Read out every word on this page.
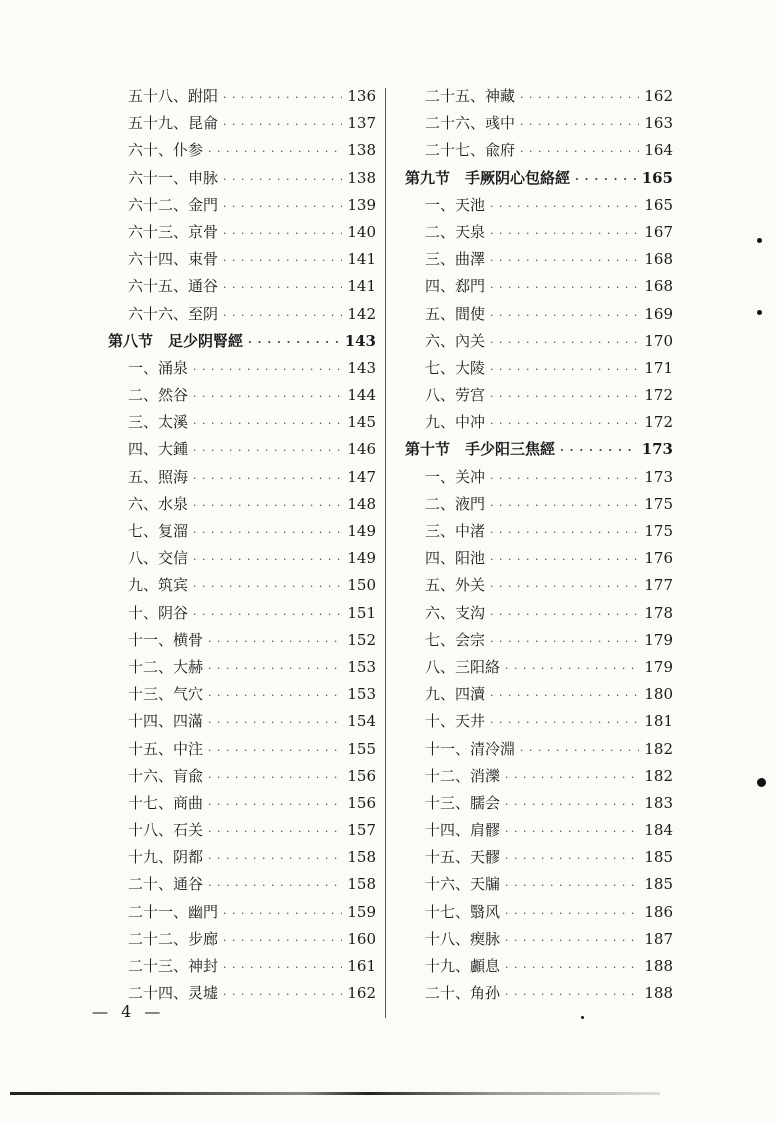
五十八、跗阳 · · ·	136
五十九、昆侖 · · ·	137
六十、仆参 · · ·	138
六十一、申脉 · · ·	138
六十二、金門 · · ·	139
六十三、京骨 · · ·	140
六十四、束骨 · · ·	141
六十五、通谷 · · ·	141
六十六、至阴 · · ·	142
第八节　足少阴腎經 · · ·	143
一、涌泉 · · ·	143
二、然谷 · · ·	144
三、太溪 · · ·	145
四、大鍾 · · ·	146
五、照海 · · ·	147
六、水泉 · · ·	148
七、复溜 · · ·	149
八、交信 · · ·	149
九、筑宾 · · ·	150
十、阴谷 · · ·	151
十一、横骨 · · ·	152
十二、大赫 · · ·	153
十三、气穴 · · ·	153
十四、四滿 · · ·	154
十五、中注 · · ·	155
十六、肓兪 · · ·	156
十七、商曲 · · ·	156
十八、石关 · · ·	157
十九、阴都 · · ·	158
二十、通谷 · · ·	158
二十一、幽門 · · ·	159
二十二、步廊 · · ·	160
二十三、神封 · · ·	161
二十四、灵墟 · · ·	162
二十五、神藏 · · ·	162
二十六、彧中 · · ·	163
二十七、兪府 · · ·	164
第九节　手厥阴心包絡經 · · ·	165
一、天池 · · ·	165
二、天泉 · · ·	167
三、曲澤 · · ·	168
四、郄門 · · ·	168
五、間使 · · ·	169
六、內关 · · ·	170
七、大陵 · · ·	171
八、劳宫 · · ·	172
九、中冲 · · ·	172
第十节　手少阳三焦經 · · ·	173
一、关冲 · · ·	173
二、液門 · · ·	175
三、中渚 · · ·	175
四、阳池 · · ·	176
五、外关 · · ·	177
六、支沟 · · ·	178
七、会宗 · · ·	179
八、三阳絡 · · ·	179
九、四瀆 · · ·	180
十、天井 · · ·	181
十一、清冷淵 · · ·	182
十二、消濼 · · ·	182
十三、臑会 · · ·	183
十四、肩髎 · · ·	184
十五、天髎 · · ·	185
十六、天牖 · · ·	185
十七、翳风 · · ·	186
十八、瘈脉 · · ·	187
十九、顱息 · · ·	188
二十、角孙 · · ·	188
— 4 —
